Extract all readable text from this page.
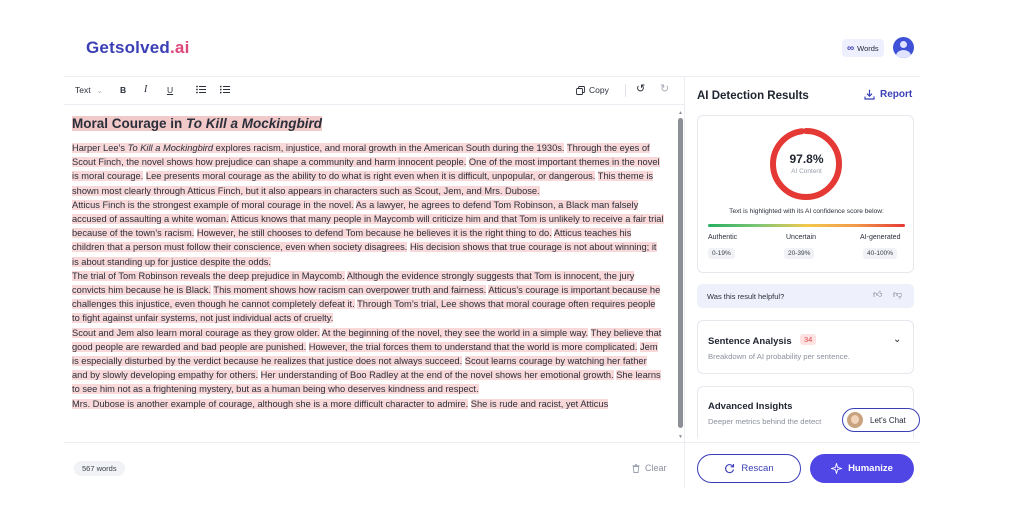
Getsolved.ai	∞ Words
Text ⌄ B I U	Copy ↺ ↻
Moral Courage in To Kill a Mockingbird

Harper Lee’s To Kill a Mockingbird explores racism, injustice, and moral growth in the American South during the 1930s. Through the eyes of Scout Finch, the novel shows how prejudice can shape a community and harm innocent people. One of the most important themes in the novel is moral courage. Lee presents moral courage as the ability to do what is right even when it is difficult, unpopular, or dangerous. This theme is shown most clearly through Atticus Finch, but it also appears in characters such as Scout, Jem, and Mrs. Dubose.

Atticus Finch is the strongest example of moral courage in the novel. As a lawyer, he agrees to defend Tom Robinson, a Black man falsely accused of assaulting a white woman. Atticus knows that many people in Maycomb will criticize him and that Tom is unlikely to receive a fair trial because of the town’s racism. However, he still chooses to defend Tom because he believes it is the right thing to do. Atticus teaches his children that a person must follow their conscience, even when society disagrees. His decision shows that true courage is not about winning; it is about standing up for justice despite the odds.

The trial of Tom Robinson reveals the deep prejudice in Maycomb. Although the evidence strongly suggests that Tom is innocent, the jury convicts him because he is Black. This moment shows how racism can overpower truth and fairness. Atticus’s courage is important because he challenges this injustice, even though he cannot completely defeat it. Through Tom’s trial, Lee shows that moral courage often requires people to fight against unfair systems, not just individual acts of cruelty.

Scout and Jem also learn moral courage as they grow older. At the beginning of the novel, they see the world in a simple way. They believe that good people are rewarded and bad people are punished. However, the trial forces them to understand that the world is more complicated. Jem is especially disturbed by the verdict because he realizes that justice does not always succeed. Scout learns courage by watching her father and by slowly developing empathy for others. Her understanding of Boo Radley at the end of the novel shows her emotional growth. She learns to see him not as a frightening mystery, but as a human being who deserves kindness and respect.

Mrs. Dubose is another example of courage, although she is a more difficult character to admire. She is rude and racist, yet Atticus

▲
▼
567 words	Clear
AI Detection Results	Report
97.8%
AI Content
Text is highlighted with its AI confidence score below:
Authentic	Uncertain	AI-generated
0-19%	20-39%	40-100%
Was this result helpful?	👍︎ 👎︎
Sentence Analysis	34
Breakdown of AI probability per sentence.
⌄
Advanced Insights
Deeper metrics behind the detect	Let's Chat
Rescan	Humanize
